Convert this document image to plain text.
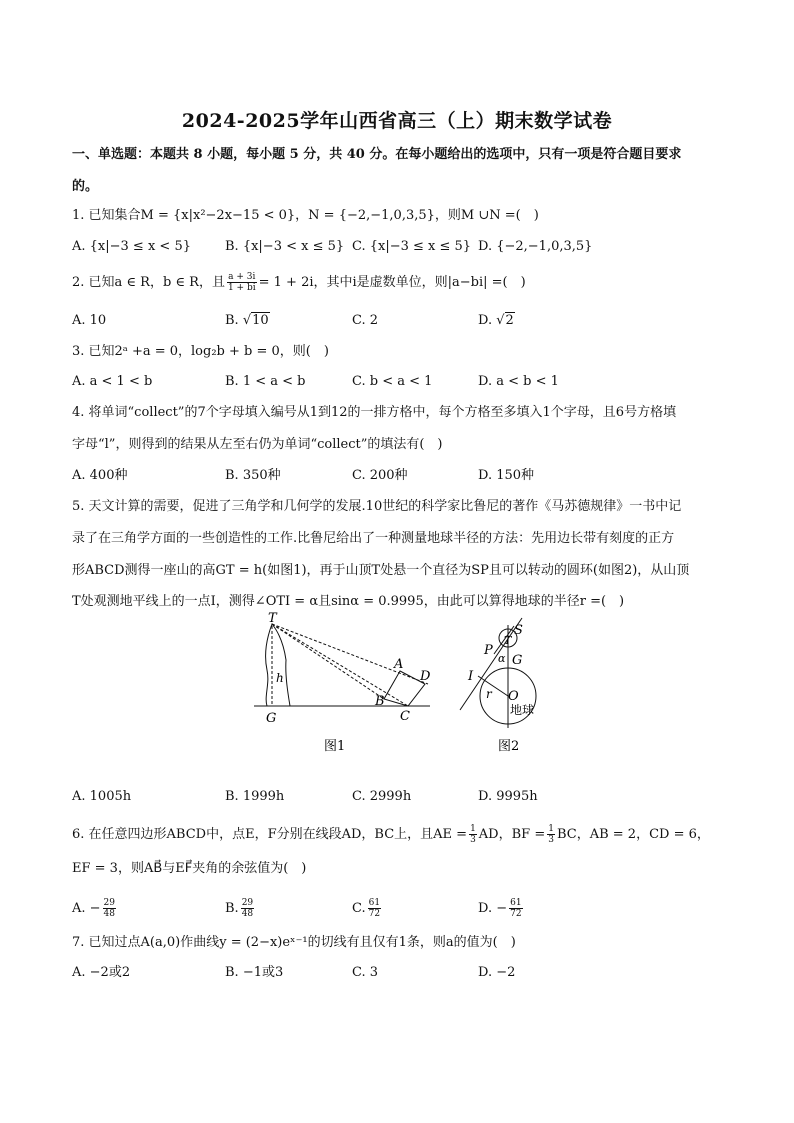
2024-2025学年山西省高三（上）期末数学试卷
一、单选题：本题共 8 小题，每小题 5 分，共 40 分。在每小题给出的选项中，只有一项是符合题目要求
的。
1. 已知集合M = {x|x²−2x−15 < 0}，N = {−2,−1,0,3,5}，则M ∪N =(　)
A. {x|−3 ≤ x < 5}	B. {x|−3 < x ≤ 5} C. {x|−3 ≤ x ≤ 5} D. {−2,−1,0,3,5}
2. 已知a ∈ R，b ∈ R，且 $\frac{a + 3i}{1 + bi} = 1 + 2i$，其中i是虚数单位，则|a−bi| =(　)
A. 10	B. √10	C. 2	D. √2
3. 已知2ᵃ +a = 0，log₂b + b = 0，则(　)
A. a < 1 < b	B. 1 < a < b	C. b < a < 1	D. a < b < 1
4. 将单词“collect”的7个字母填入编号从1到12的一排方格中，每个方格至多填入1个字母，且6号方格填
字母“l”，则得到的结果从左至右仍为单词“collect”的填法有(　)
A. 400种	B. 350种	C. 200种	D. 150种
5. 天文计算的需要，促进了三角学和几何学的发展.10世纪的科学家比鲁尼的著作《马苏德规律》一书中记
录了在三角学方面的一些创造性的工作.比鲁尼给出了一种测量地球半径的方法：先用边长带有刻度的正方
形ABCD测得一座山的高GT = h(如图1)，再于山顶T处悬一个直径为SP且可以转动的圆环(如图2)，从山顶
T处观测地平线上的一点I，测得∠OTI = α且sinα = 0.9995，由此可以算得地球的半径r =(　)
T
h
G
A
D
B
C
图1
S
T
P
α G
I
r O
地球
图2
A. 1005h	B. 1999h	C. 2999h	D. 9995h
6. 在任意四边形ABCD中，点E，F分别在线段AD，BC上，且AE = $\frac{1}{3}$ AD，BF = $\frac{1}{3}$ BC，AB = 2，CD = 6，
EF = 3，则AB⃗与EF⃗夹角的余弦值为(　)
A. − $\frac{29}{48}$	B. $\frac{29}{48}$	C. $\frac{61}{72}$	D. − $\frac{61}{72}$
7. 已知过点A(a,0)作曲线y = (2−x)eˣ⁻¹的切线有且仅有1条，则a的值为(　)
A. −2或2	B. −1或3	C. 3	D. −2
